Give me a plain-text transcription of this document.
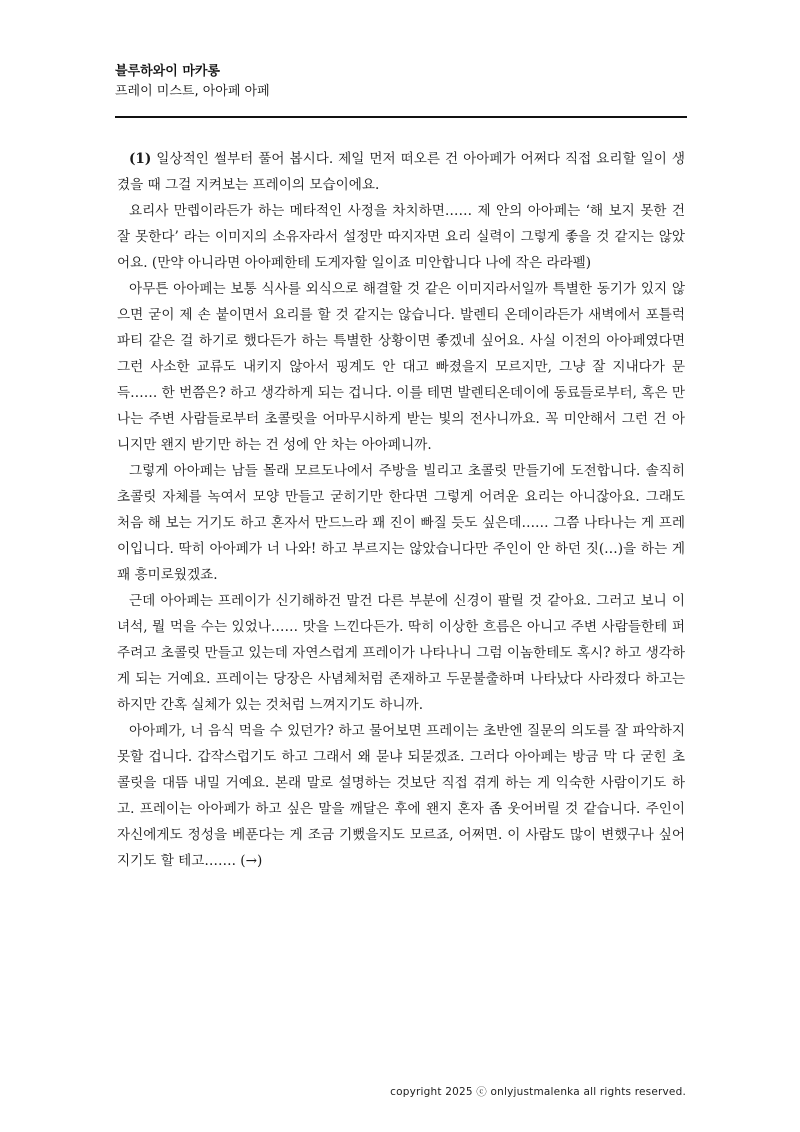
블루하와이 마카롱
프레이 미스트, 아아페 아페

(1) 일상적인 썰부터 풀어 봅시다. 제일 먼저 떠오른 건 아아페가 어쩌다 직접 요리할 일이 생겼을 때 그걸 지켜보는 프레이의 모습이에요.

요리사 만렙이라든가 하는 메타적인 사정을 차치하면…… 제 안의 아아페는 ‘해 보지 못한 건 잘 못한다’ 라는 이미지의 소유자라서 설정만 따지자면 요리 실력이 그렇게 좋을 것 같지는 않았어요. (만약 아니라면 아아페한테 도게자할 일이죠 미안합니다 나에 작은 라라펠)

아무튼 아아페는 보통 식사를 외식으로 해결할 것 같은 이미지라서일까 특별한 동기가 있지 않으면 굳이 제 손 붙이면서 요리를 할 것 같지는 않습니다. 발렌티 온데이라든가 새벽에서 포틀럭 파티 같은 걸 하기로 했다든가 하는 특별한 상황이면 좋겠네 싶어요. 사실 이전의 아아페였다면 그런 사소한 교류도 내키지 않아서 핑계도 안 대고 빠졌을지 모르지만, 그냥 잘 지내다가 문득…… 한 번쯤은? 하고 생각하게 되는 겁니다. 이를 테면 발렌티온데이에 동료들로부터, 혹은 만나는 주변 사람들로부터 초콜릿을 어마무시하게 받는 빛의 전사니까요. 꼭 미안해서 그런 건 아니지만 왠지 받기만 하는 건 성에 안 차는 아아페니까.

그렇게 아아페는 남들 몰래 모르도나에서 주방을 빌리고 초콜릿 만들기에 도전합니다. 솔직히 초콜릿 자체를 녹여서 모양 만들고 굳히기만 한다면 그렇게 어려운 요리는 아니잖아요. 그래도 처음 해 보는 거기도 하고 혼자서 만드느라 꽤 진이 빠질 듯도 싶은데…… 그쯤 나타나는 게 프레이입니다. 딱히 아아페가 너 나와! 하고 부르지는 않았습니다만 주인이 안 하던 짓(…)을 하는 게 꽤 흥미로웠겠죠.

근데 아아페는 프레이가 신기해하건 말건 다른 부분에 신경이 팔릴 것 같아요. 그러고 보니 이 녀석, 뭘 먹을 수는 있었나…… 맛을 느낀다든가. 딱히 이상한 흐름은 아니고 주변 사람들한테 퍼 주려고 초콜릿 만들고 있는데 자연스럽게 프레이가 나타나니 그럼 이놈한테도 혹시? 하고 생각하게 되는 거예요. 프레이는 당장은 사념체처럼 존재하고 두문불출하며 나타났다 사라졌다 하고는 하지만 간혹 실체가 있는 것처럼 느껴지기도 하니까.

아아페가, 너 음식 먹을 수 있던가? 하고 물어보면 프레이는 초반엔 질문의 의도를 잘 파악하지 못할 겁니다. 갑작스럽기도 하고 그래서 왜 묻냐 되묻겠죠. 그러다 아아페는 방금 막 다 굳힌 초콜릿을 대뜸 내밀 거예요. 본래 말로 설명하는 것보단 직접 겪게 하는 게 익숙한 사람이기도 하고. 프레이는 아아페가 하고 싶은 말을 깨달은 후에 왠지 혼자 좀 웃어버릴 것 같습니다. 주인이 자신에게도 정성을 베푼다는 게 조금 기뻤을지도 모르죠, 어쩌면. 이 사람도 많이 변했구나 싶어지기도 할 테고……. (→)

copyright 2025 ⓒ onlyjustmalenka all rights reserved.
